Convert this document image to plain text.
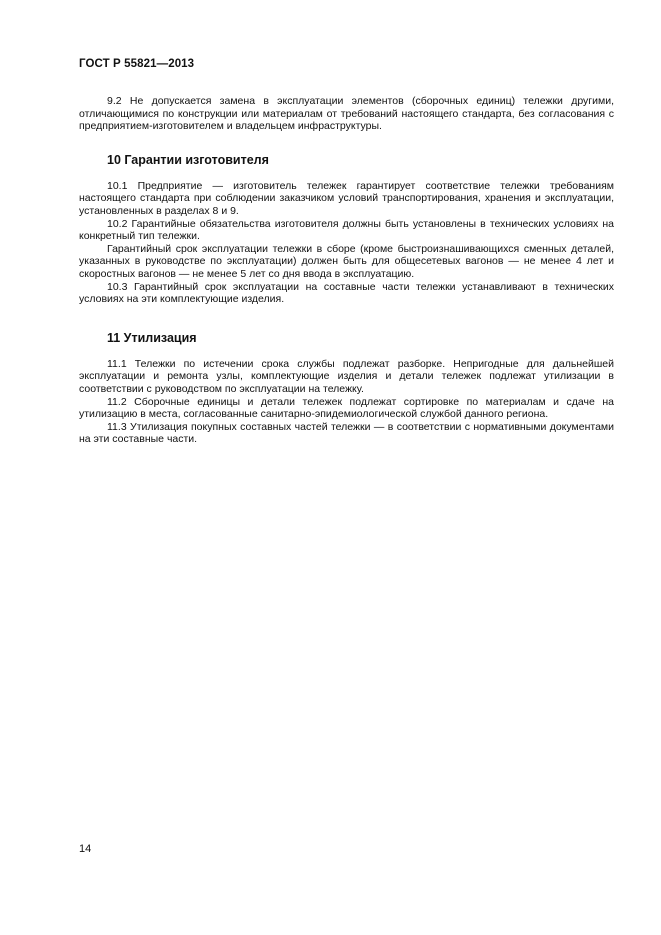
ГОСТ Р 55821—2013

9.2 Не допускается замена в эксплуатации элементов (сборочных единиц) тележки другими, отличающимися по конструкции или материалам от требований настоящего стандарта, без согласования с предприятием-изготовителем и владельцем инфраструктуры.

10 Гарантии изготовителя

10.1 Предприятие — изготовитель тележек гарантирует соответствие тележки требованиям настоящего стандарта при соблюдении заказчиком условий транспортирования, хранения и эксплуатации, установленных в разделах 8 и 9.

10.2 Гарантийные обязательства изготовителя должны быть установлены в технических условиях на конкретный тип тележки.

Гарантийный срок эксплуатации тележки в сборе (кроме быстроизнашивающихся сменных деталей, указанных в руководстве по эксплуатации) должен быть для общесетевых вагонов — не менее 4 лет и скоростных вагонов — не менее 5 лет со дня ввода в эксплуатацию.

10.3 Гарантийный срок эксплуатации на составные части тележки устанавливают в технических условиях на эти комплектующие изделия.

11 Утилизация

11.1 Тележки по истечении срока службы подлежат разборке. Непригодные для дальнейшей эксплуатации и ремонта узлы, комплектующие изделия и детали тележек подлежат утилизации в соответствии с руководством по эксплуатации на тележку.

11.2 Сборочные единицы и детали тележек подлежат сортировке по материалам и сдаче на утилизацию в места, согласованные санитарно-эпидемиологической службой данного региона.

11.3 Утилизация покупных составных частей тележки — в соответствии с нормативными документами на эти составные части.

14
